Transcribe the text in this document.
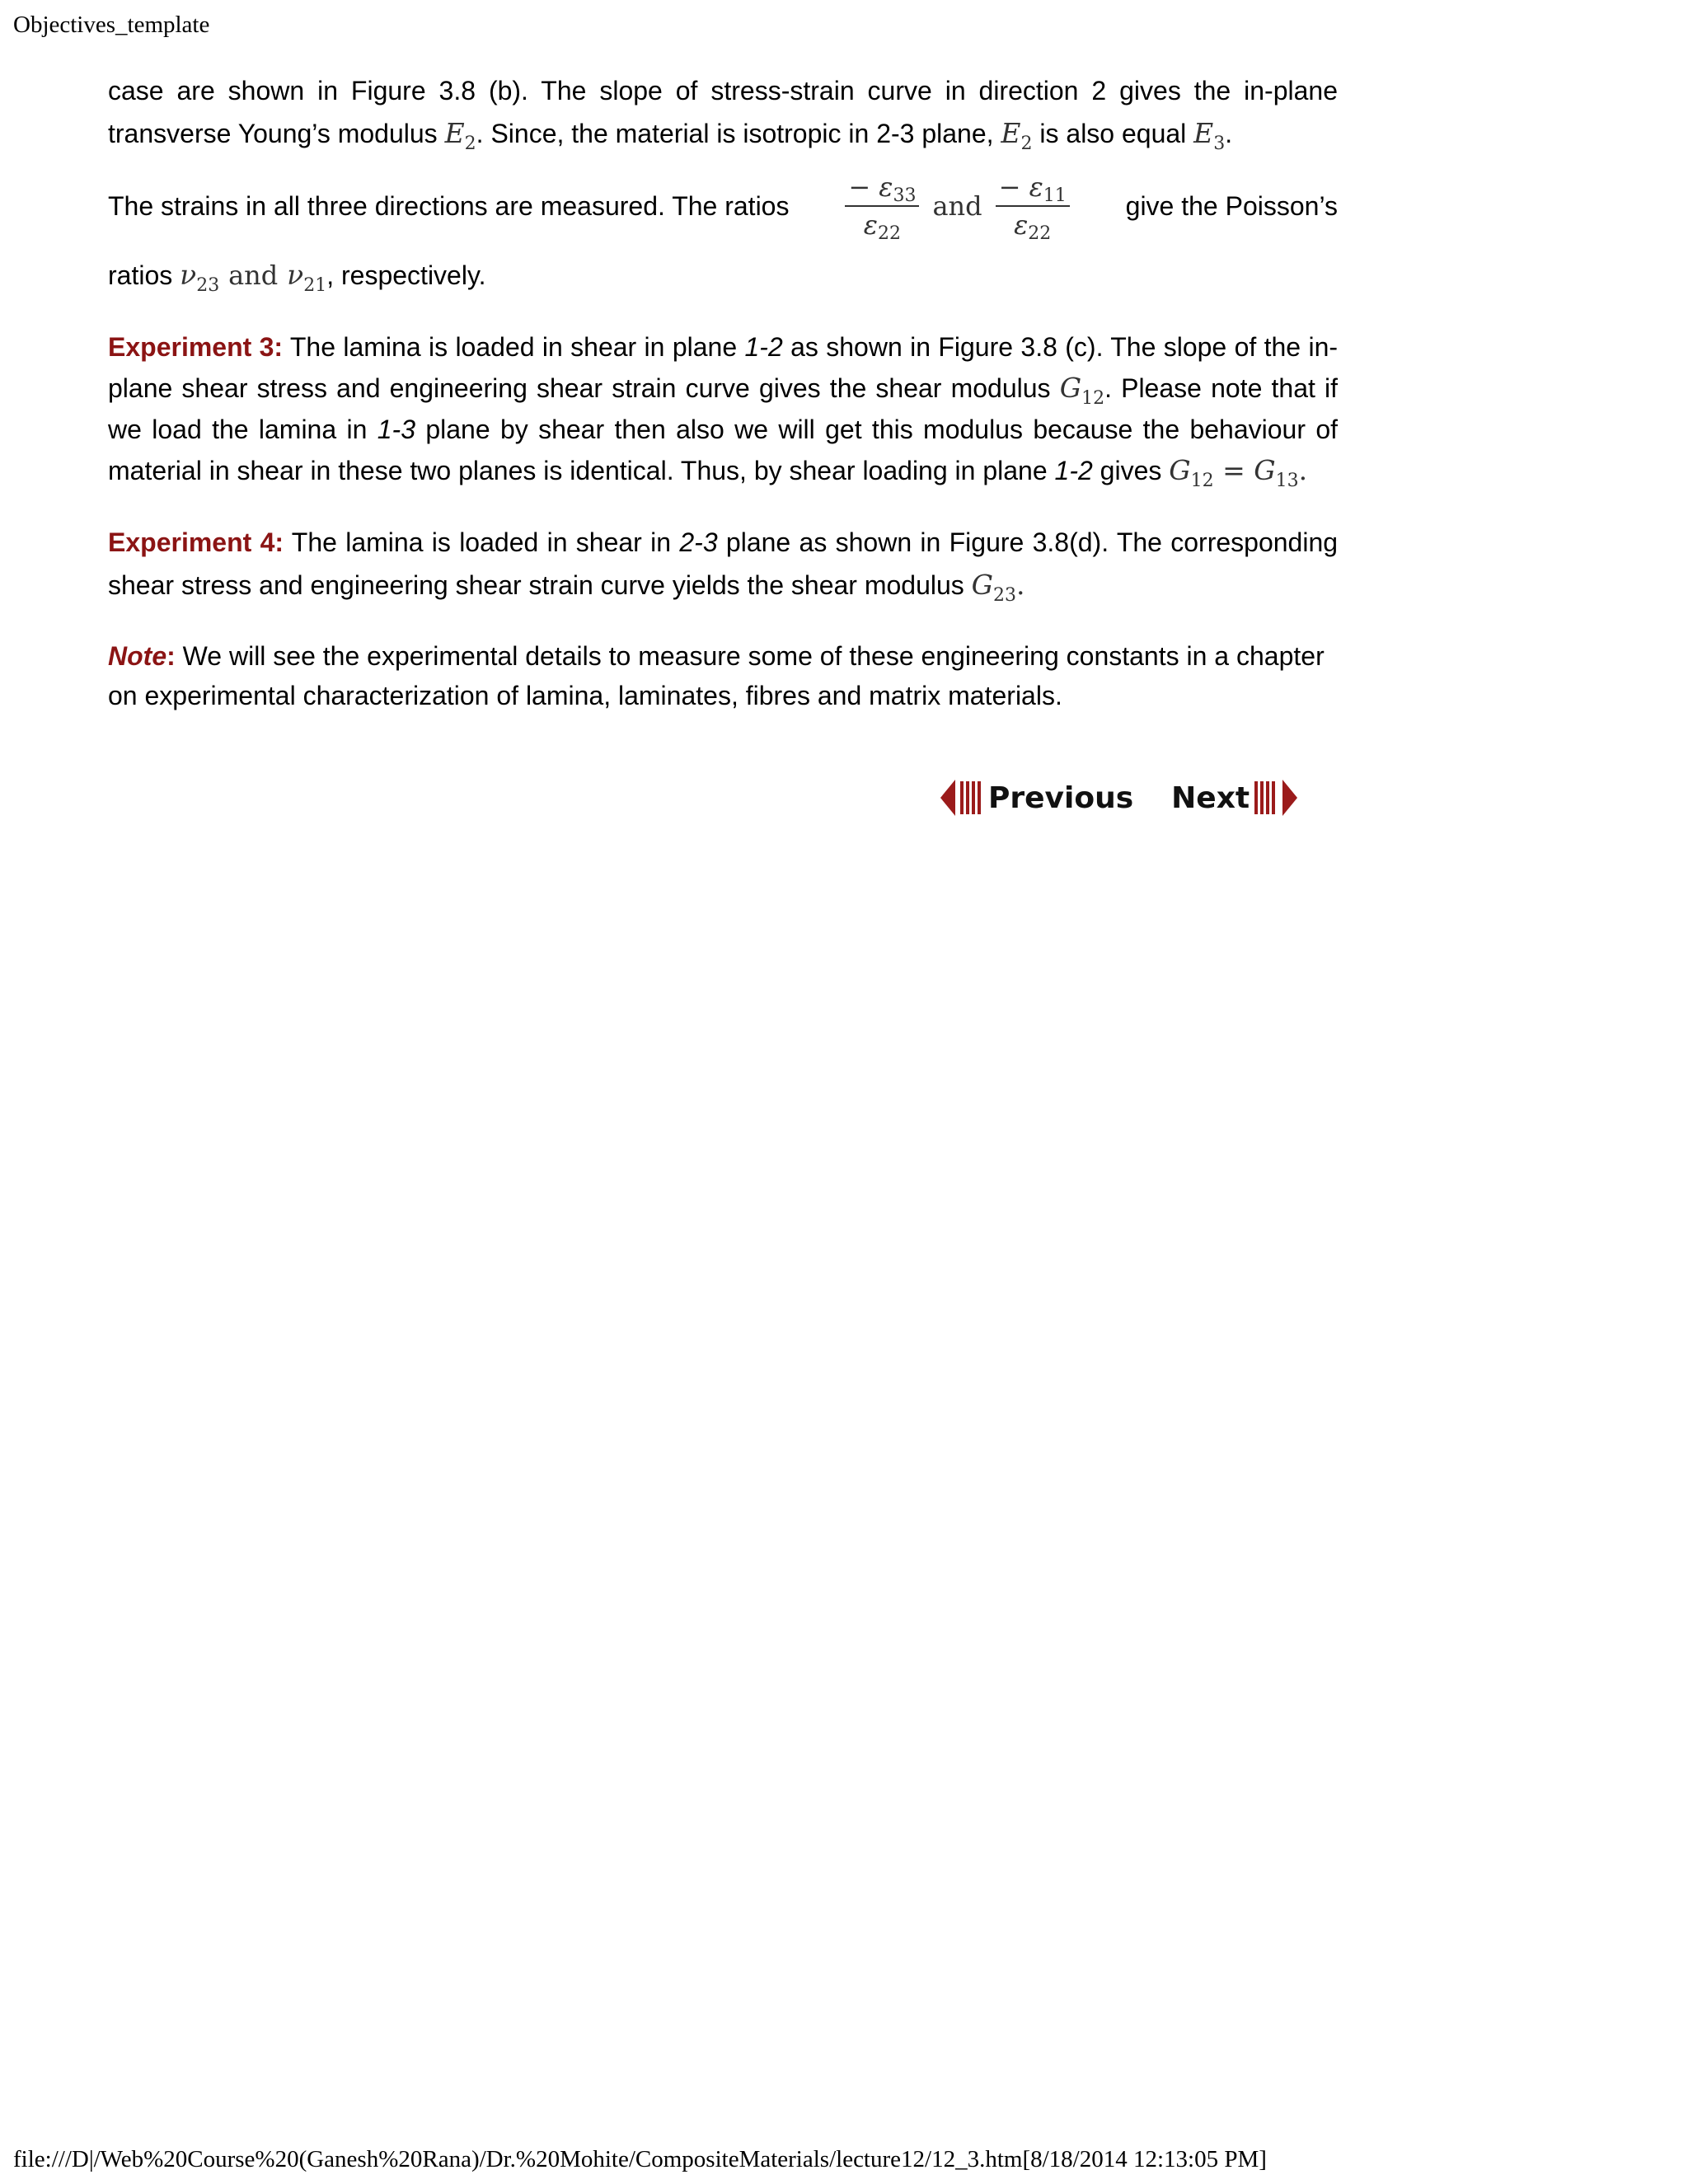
Objectives_template

case are shown in Figure 3.8 (b). The slope of stress-strain curve in direction 2 gives the in-plane transverse Young’s modulus $E_2$. Since, the material is isotropic in 2-3 plane, $E_2$ is also equal $E_3$.

The strains in all three directions are measured. The ratios $\frac{- \varepsilon_{33}}{\varepsilon_{22}}$ and $\frac{- \varepsilon_{11}}{\varepsilon_{22}}$ give the Poisson’s

ratios $\nu_{23}$ and $\nu_{21}$, respectively.

Experiment 3: The lamina is loaded in shear in plane 1-2 as shown in Figure 3.8 (c). The slope of the in-plane shear stress and engineering shear strain curve gives the shear modulus $G_{12}$. Please note that if we load the lamina in 1-3 plane by shear then also we will get this modulus because the behaviour of material in shear in these two planes is identical. Thus, by shear loading in plane 1-2 gives $G_{12} = G_{13}$.

Experiment 4: The lamina is loaded in shear in 2-3 plane as shown in Figure 3.8(d). The corresponding shear stress and engineering shear strain curve yields the shear modulus $G_{23}$.

Note: We will see the experimental details to measure some of these engineering constants in a chapter on experimental characterization of lamina, laminates, fibres and matrix materials.

Previous Next
file:///D|/Web%20Course%20(Ganesh%20Rana)/Dr.%20Mohite/CompositeMaterials/lecture12/12_3.htm[8/18/2014 12:13:05 PM]
